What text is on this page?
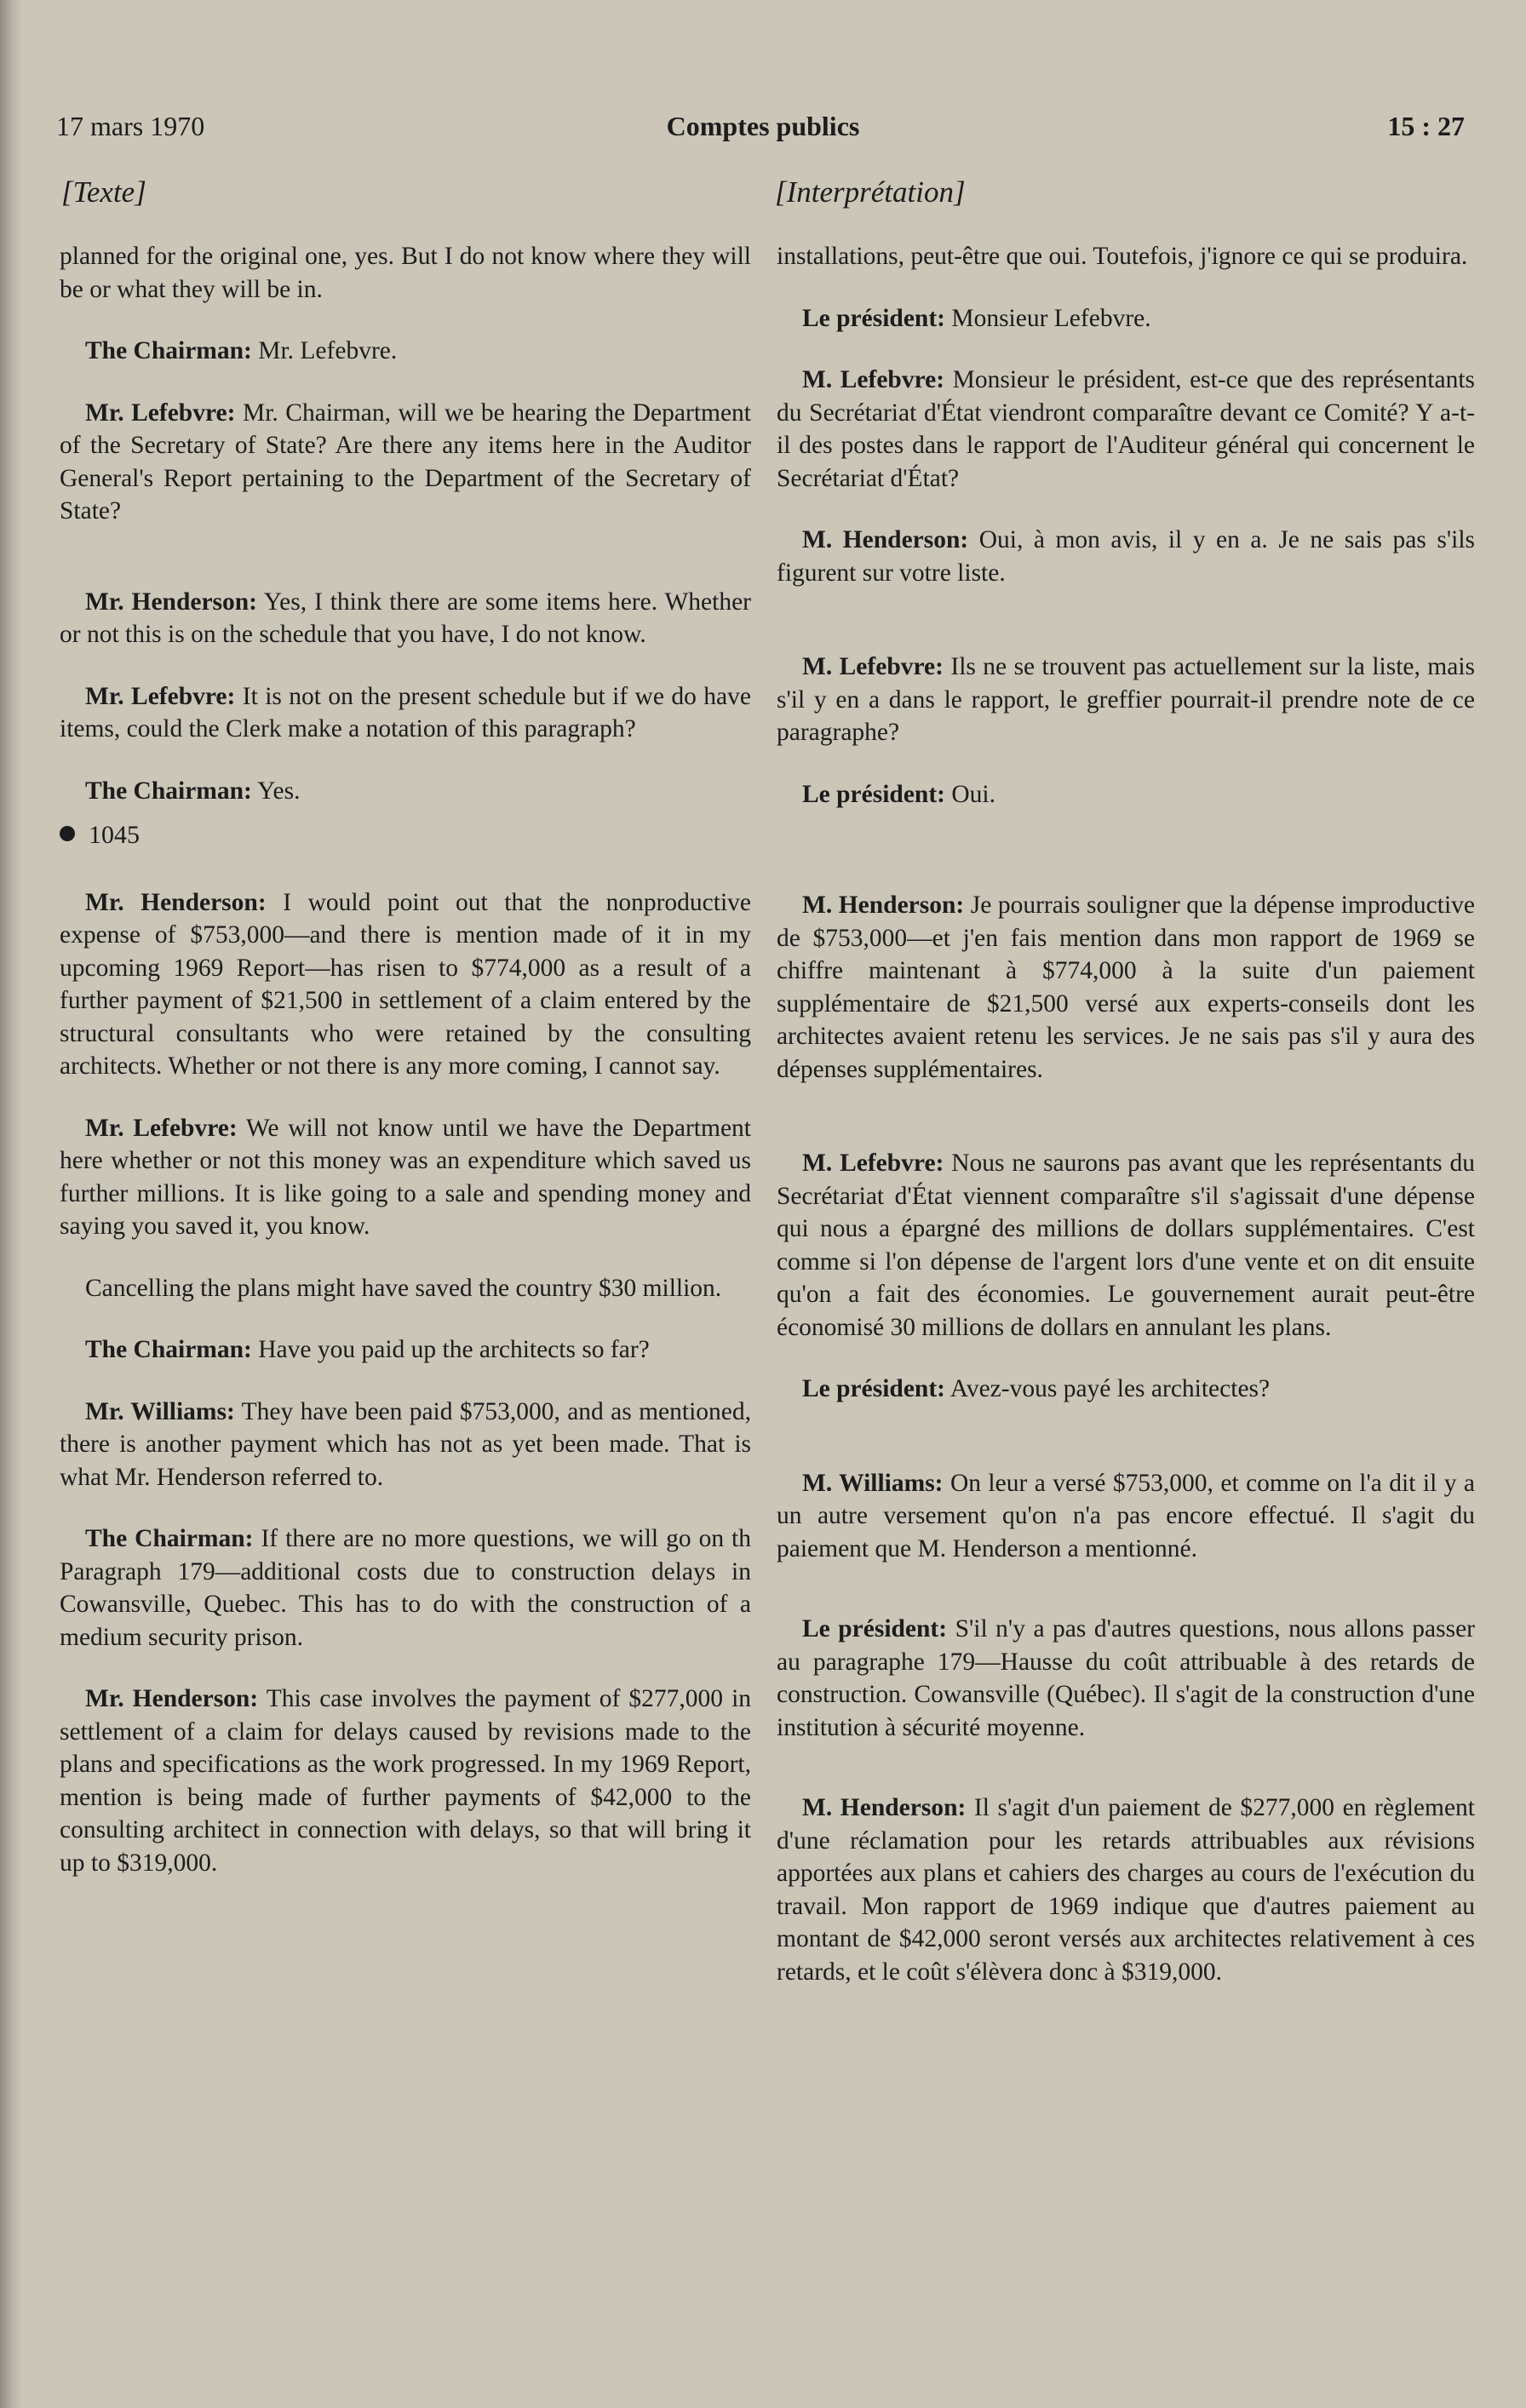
17 mars 1970	Comptes publics	15 : 27
[Texte]	[Interprétation]

planned for the original one, yes. But I do not know where they will be or what they will be in.

The Chairman: Mr. Lefebvre.

Mr. Lefebvre: Mr. Chairman, will we be hearing the Department of the Secretary of State? Are there any items here in the Auditor General's Report pertaining to the Department of the Secretary of State?

Mr. Henderson: Yes, I think there are some items here. Whether or not this is on the schedule that you have, I do not know.

Mr. Lefebvre: It is not on the present schedule but if we do have items, could the Clerk make a notation of this paragraph?

The Chairman: Yes.

1045

Mr. Henderson: I would point out that the nonproductive expense of $753,000—and there is mention made of it in my upcoming 1969 Report—has risen to $774,000 as a result of a further payment of $21,500 in settlement of a claim entered by the structural consultants who were retained by the consulting architects. Whether or not there is any more coming, I cannot say.

Mr. Lefebvre: We will not know until we have the Department here whether or not this money was an expenditure which saved us further millions. It is like going to a sale and spending money and saying you saved it, you know.

Cancelling the plans might have saved the country $30 million.

The Chairman: Have you paid up the architects so far?

Mr. Williams: They have been paid $753,000, and as mentioned, there is another payment which has not as yet been made. That is what Mr. Henderson referred to.

The Chairman: If there are no more questions, we will go on th Paragraph 179—additional costs due to construction delays in Cowansville, Quebec. This has to do with the construction of a medium security prison.

Mr. Henderson: This case involves the payment of $277,000 in settlement of a claim for delays caused by revisions made to the plans and specifications as the work progressed. In my 1969 Report, mention is being made of further payments of $42,000 to the consulting architect in connection with delays, so that will bring it up to $319,000.

installations, peut-être que oui. Toutefois, j'ignore ce qui se produira.

Le président: Monsieur Lefebvre.

M. Lefebvre: Monsieur le président, est-ce que des représentants du Secrétariat d'État viendront comparaître devant ce Comité? Y a-t-il des postes dans le rapport de l'Auditeur général qui concernent le Secrétariat d'État?

M. Henderson: Oui, à mon avis, il y en a. Je ne sais pas s'ils figurent sur votre liste.

M. Lefebvre: Ils ne se trouvent pas actuellement sur la liste, mais s'il y en a dans le rapport, le greffier pourrait-il prendre note de ce paragraphe?

Le président: Oui.

M. Henderson: Je pourrais souligner que la dépense improductive de $753,000—et j'en fais mention dans mon rapport de 1969 se chiffre maintenant à $774,000 à la suite d'un paiement supplémentaire de $21,500 versé aux experts-conseils dont les architectes avaient retenu les services. Je ne sais pas s'il y aura des dépenses supplémentaires.

M. Lefebvre: Nous ne saurons pas avant que les représentants du Secrétariat d'État viennent comparaître s'il s'agissait d'une dépense qui nous a épargné des millions de dollars supplémentaires. C'est comme si l'on dépense de l'argent lors d'une vente et on dit ensuite qu'on a fait des économies. Le gouvernement aurait peut-être économisé 30 millions de dollars en annulant les plans.

Le président: Avez-vous payé les architectes?

M. Williams: On leur a versé $753,000, et comme on l'a dit il y a un autre versement qu'on n'a pas encore effectué. Il s'agit du paiement que M. Henderson a mentionné.

Le président: S'il n'y a pas d'autres questions, nous allons passer au paragraphe 179—Hausse du coût attribuable à des retards de construction. Cowansville (Québec). Il s'agit de la construction d'une institution à sécurité moyenne.

M. Henderson: Il s'agit d'un paiement de $277,000 en règlement d'une réclamation pour les retards attribuables aux révisions apportées aux plans et cahiers des charges au cours de l'exécution du travail. Mon rapport de 1969 indique que d'autres paiement au montant de $42,000 seront versés aux architectes relativement à ces retards, et le coût s'élèvera donc à $319,000.
